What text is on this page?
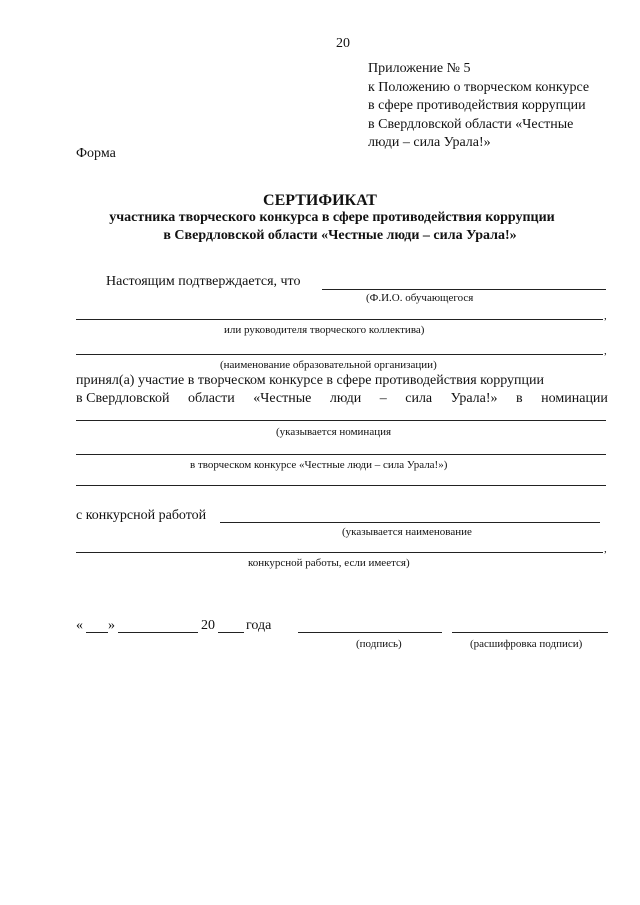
20
Приложение № 5
к Положению о творческом конкурсе
в сфере противодействия коррупции
в Свердловской области «Честные
люди – сила Урала!»
Форма
СЕРТИФИКАТ
участника творческого конкурса в сфере противодействия коррупции
в Свердловской области «Честные люди – сила Урала!»
Настоящим подтверждается, что
(Ф.И.О. обучающегося
,
или руководителя творческого коллектива)
,
(наименование образовательной организации)
принял(а) участие в творческом конкурсе в сфере противодействия коррупции
в Свердловской области «Честные люди – сила Урала!» в номинации
(указывается номинация
в творческом конкурсе «Честные люди – сила Урала!»)
с конкурсной работой
(указывается наименование
,
конкурсной работы, если имеется)
« »	20 года
(подпись)	(расшифровка подписи)
